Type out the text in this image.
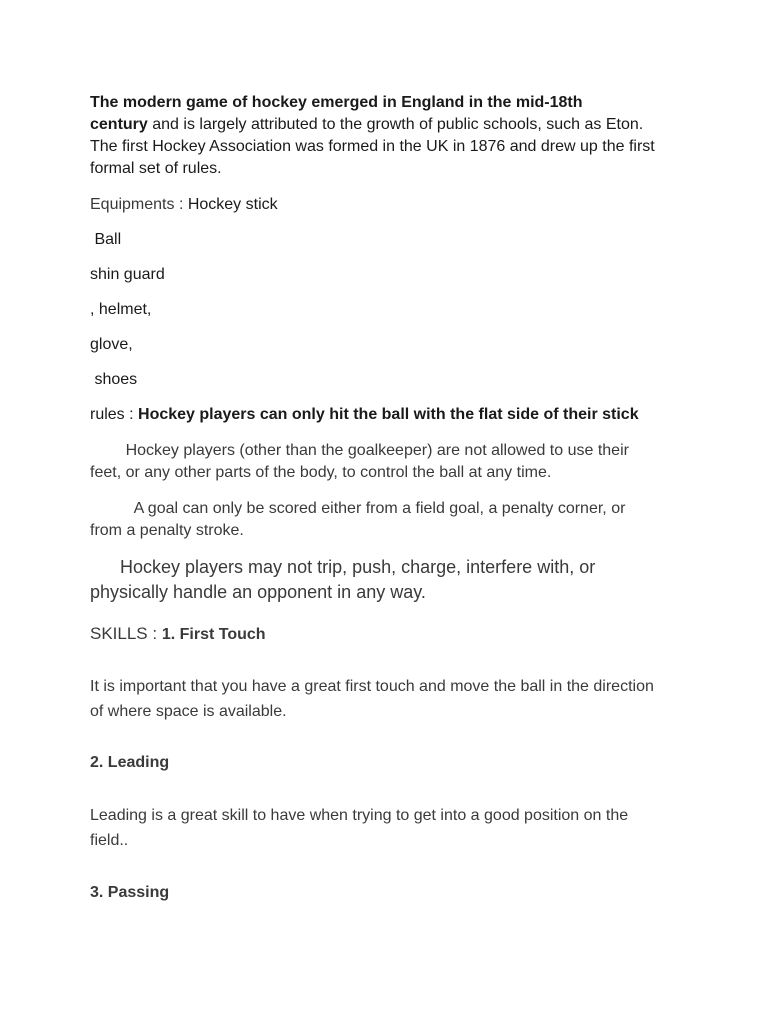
The modern game of hockey emerged in England in the mid-18th

century and is largely attributed to the growth of public schools, such as Eton.

The first Hockey Association was formed in the UK in 1876 and drew up the first

formal set of rules.

Equipments : Hockey stick

Ball

shin guard

, helmet,

glove,

shoes

rules : Hockey players can only hit the ball with the flat side of their stick

Hockey players (other than the goalkeeper) are not allowed to use their

feet, or any other parts of the body, to control the ball at any time.

A goal can only be scored either from a field goal, a penalty corner, or

from a penalty stroke.

Hockey players may not trip, push, charge, interfere with, or

physically handle an opponent in any way.

SKILLS : 1. First Touch

It is important that you have a great first touch and move the ball in the direction

of where space is available.

2. Leading

Leading is a great skill to have when trying to get into a good position on the

field..

3. Passing
